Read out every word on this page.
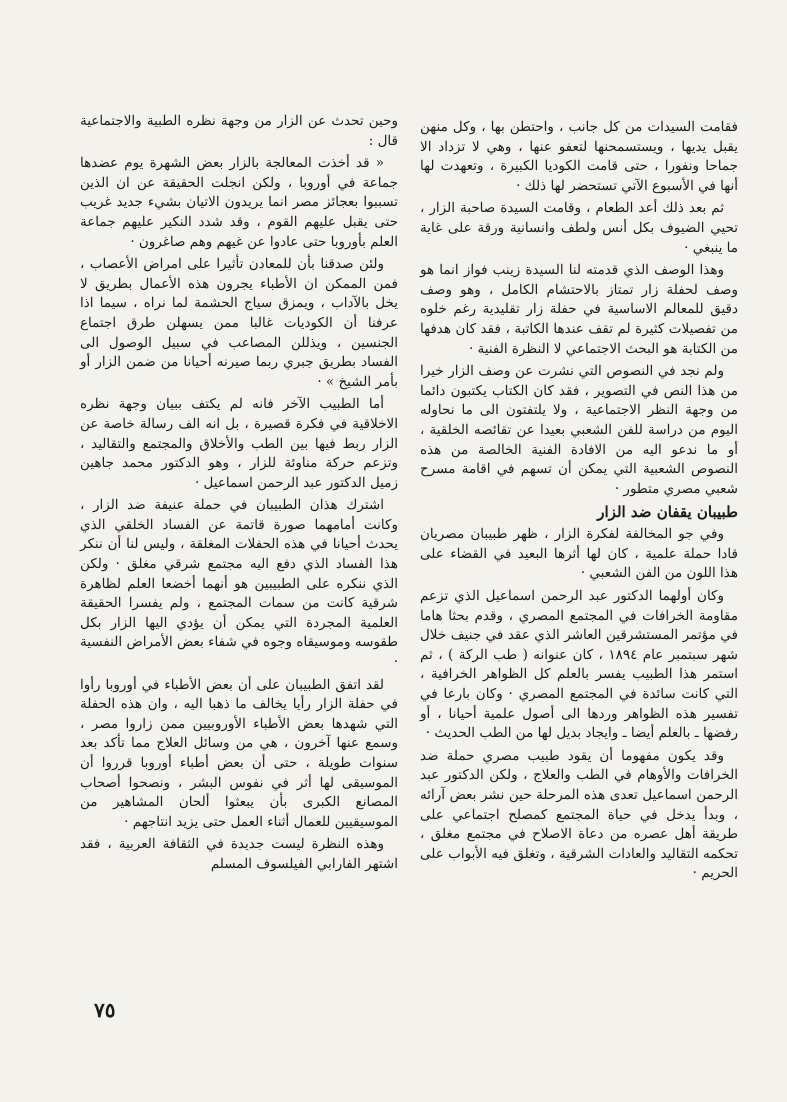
فقامت السيدات من كل جانب ، واحتطن بها ، وكل منهن يقبل يديها ، ويستسمحنها لتعفو عنها ، وهي لا تزداد الا جماحا ونفورا ، حتى قامت الكوديا الكبيرة ، وتعهدت لها أنها في الأسبوع الآتي تستحضر لها ذلك ·

ثم بعد ذلك أعد الطعام ، وقامت السيدة صاحبة الزار ، تحيي الضيوف بكل أنس ولطف وانسانية ورقة على غاية ما ينبغي ·

وهذا الوصف الذي قدمته لنا السيدة زينب فواز انما هو وصف لحفلة زار تمتاز بالاحتشام الكامل ، وهو وصف دقيق للمعالم الاساسية في حفلة زار تقليدية رغم خلوه من تفصيلات كثيرة لم تقف عندها الكاتبة ، فقد كان هدفها من الكتابة هو البحث الاجتماعي لا النظرة الفنية ·

ولم نجد في النصوص التي نشرت عن وصف الزار خيرا من هذا النص في التصوير ، فقد كان الكتاب يكتبون دائما من وجهة النظر الاجتماعية ، ولا يلتفتون الى ما نحاوله اليوم من دراسة للفن الشعبي بعيدا عن تقائصه الخلقية ، أو ما ندعو اليه من الافادة الفنية الخالصة من هذه النصوص الشعبية التي يمكن أن تسهم في اقامة مسرح شعبي مصري متطور ·

طبيبان يقفان ضد الزار

وفي جو المخالفة لفكرة الزار ، ظهر طبيبان مصريان قادا حملة علمية ، كان لها أثرها البعيد في القضاء على هذا اللون من الفن الشعبي ·

وكان أولهما الدكتور عبد الرحمن اسماعيل الذي تزعم مقاومة الخرافات في المجتمع المصري ، وقدم بحثا هاما في مؤتمر المستشرقين العاشر الذي عقد في جنيف خلال شهر سبتمبر عام ١٨٩٤ ، كان عنوانه ( طب الركة ) ، ثم استمر هذا الطبيب يفسر بالعلم كل الظواهر الخرافية ، التي كانت سائدة في المجتمع المصري · وكان بارعا في تفسير هذه الظواهر وردها الى أصول علمية أحيانا ، أو رفضها ـ بالعلم أيضا ـ وايجاد بديل لها من الطب الحديث ·

وقد يكون مفهوما أن يقود طبيب مصري حملة ضد الخرافات والأوهام في الطب والعلاج ، ولكن الدكتور عبد الرحمن اسماعيل تعدى هذه المرحلة حين نشر بعض آرائه ، وبدأ يدخل في حياة المجتمع كمصلح اجتماعي على طريقة أهل عصره من دعاة الاصلاح في مجتمع مغلق ، تحكمه التقاليد والعادات الشرقية ، وتغلق فيه الأبواب على الحريم ·

وحين تحدث عن الزار من وجهة نظره الطبية والاجتماعية قال :

« قد أخذت المعالجة بالزار بعض الشهرة يوم عضدها جماعة في أوروبا ، ولكن انجلت الحقيقة عن ان الذين تسببوا بعجائز مصر انما يريدون الاتيان بشيء جديد غريب حتى يقبل عليهم القوم ، وقد شدد النكير عليهم جماعة العلم بأوروبا حتى عادوا عن غيهم وهم صاغرون ·

ولئن صدقنا بأن للمعادن تأثيرا على امراض الأعصاب ، فمن الممكن ان الأطباء يجرون هذه الأعمال بطريق لا يخل بالآداب ، ويمزق سياج الحشمة لما نراه ، سيما اذا عرفنا أن الكوديات غالبا ممن يسهلن طرق اجتماع الجنسين ، ويذللن المصاعب في سبيل الوصول الى الفساد بطريق جبري ربما صيرنه أحيانا من ضمن الزار أو بأمر الشيخ » ·

أما الطبيب الآخر فانه لم يكتف ببيان وجهة نظره الاخلاقية في فكرة قصيرة ، بل انه الف رسالة خاصة عن الزار ربط فيها بين الطب والأخلاق والمجتمع والتقاليد ، وتزعم حركة مناوئة للزار ، وهو الدكتور محمد جاهين زميل الدكتور عبد الرحمن اسماعيل ·

اشترك هذان الطبيبان في حملة عنيفة ضد الزار ، وكانت أمامهما صورة قاتمة عن الفساد الخلقي الذي يحدث أحيانا في هذه الحفلات المغلقة ، وليس لنا أن ننكر هذا الفساد الذي دفع اليه مجتمع شرقي مغلق · ولكن الذي ننكره على الطبيبين هو أنهما أخضعا العلم لظاهرة شرقية كانت من سمات المجتمع ، ولم يفسرا الحقيقة العلمية المجردة التي يمكن أن يؤدي اليها الزار بكل طقوسه وموسيقاه وجوه في شفاء بعض الأمراض النفسية ·

لقد اتفق الطبيبان على أن بعض الأطباء في أوروبا رأوا في حفلة الزار رأيا يخالف ما ذهبا اليه ، وان هذه الحفلة التي شهدها بعض الأطباء الأوروبيين ممن زاروا مصر ، وسمع عنها آخرون ، هي من وسائل العلاج مما تأكد بعد سنوات طويلة ، حتى أن بعض أطباء أوروبا قرروا أن الموسيقى لها أثر في نفوس البشر ، ونصحوا أصحاب المصانع الكبرى بأن يبعثوا ألحان المشاهير من الموسيقيين للعمال أثناء العمل حتى يزيد انتاجهم ·

وهذه النظرة ليست جديدة في الثقافة العربية ، فقد اشتهر الفارابي الفيلسوف المسلم

٧٥
